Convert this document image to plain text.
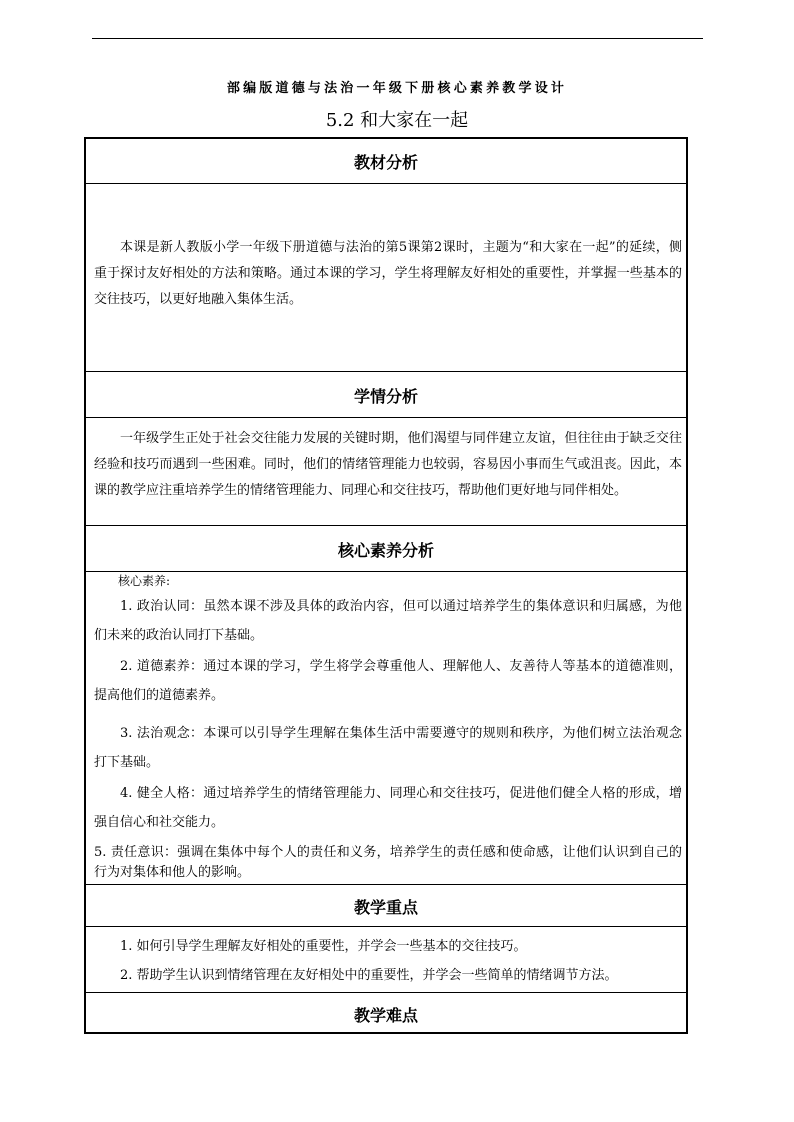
部编版道德与法治一年级下册核心素养教学设计
5.2 和大家在一起
教材分析
本课是新人教版小学一年级下册道德与法治的第5课第2课时，主题为“和大家在一起”的延续，侧重于探讨友好相处的方法和策略。通过本课的学习，学生将理解友好相处的重要性，并掌握一些基本的交往技巧，以更好地融入集体生活。
学情分析
一年级学生正处于社会交往能力发展的关键时期，他们渴望与同伴建立友谊，但往往由于缺乏交往经验和技巧而遇到一些困难。同时，他们的情绪管理能力也较弱，容易因小事而生气或沮丧。因此，本课的教学应注重培养学生的情绪管理能力、同理心和交往技巧，帮助他们更好地与同伴相处。
核心素养分析
核心素养:
1. 政治认同：虽然本课不涉及具体的政治内容，但可以通过培养学生的集体意识和归属感，为他们未来的政治认同打下基础。
2. 道德素养：通过本课的学习，学生将学会尊重他人、理解他人、友善待人等基本的道德准则，提高他们的道德素养。
3. 法治观念：本课可以引导学生理解在集体生活中需要遵守的规则和秩序，为他们树立法治观念打下基础。
4. 健全人格：通过培养学生的情绪管理能力、同理心和交往技巧，促进他们健全人格的形成，增强自信心和社交能力。
5. 责任意识：强调在集体中每个人的责任和义务，培养学生的责任感和使命感，让他们认识到自己的行为对集体和他人的影响。
教学重点
1. 如何引导学生理解友好相处的重要性，并学会一些基本的交往技巧。
2. 帮助学生认识到情绪管理在友好相处中的重要性，并学会一些简单的情绪调节方法。
教学难点
